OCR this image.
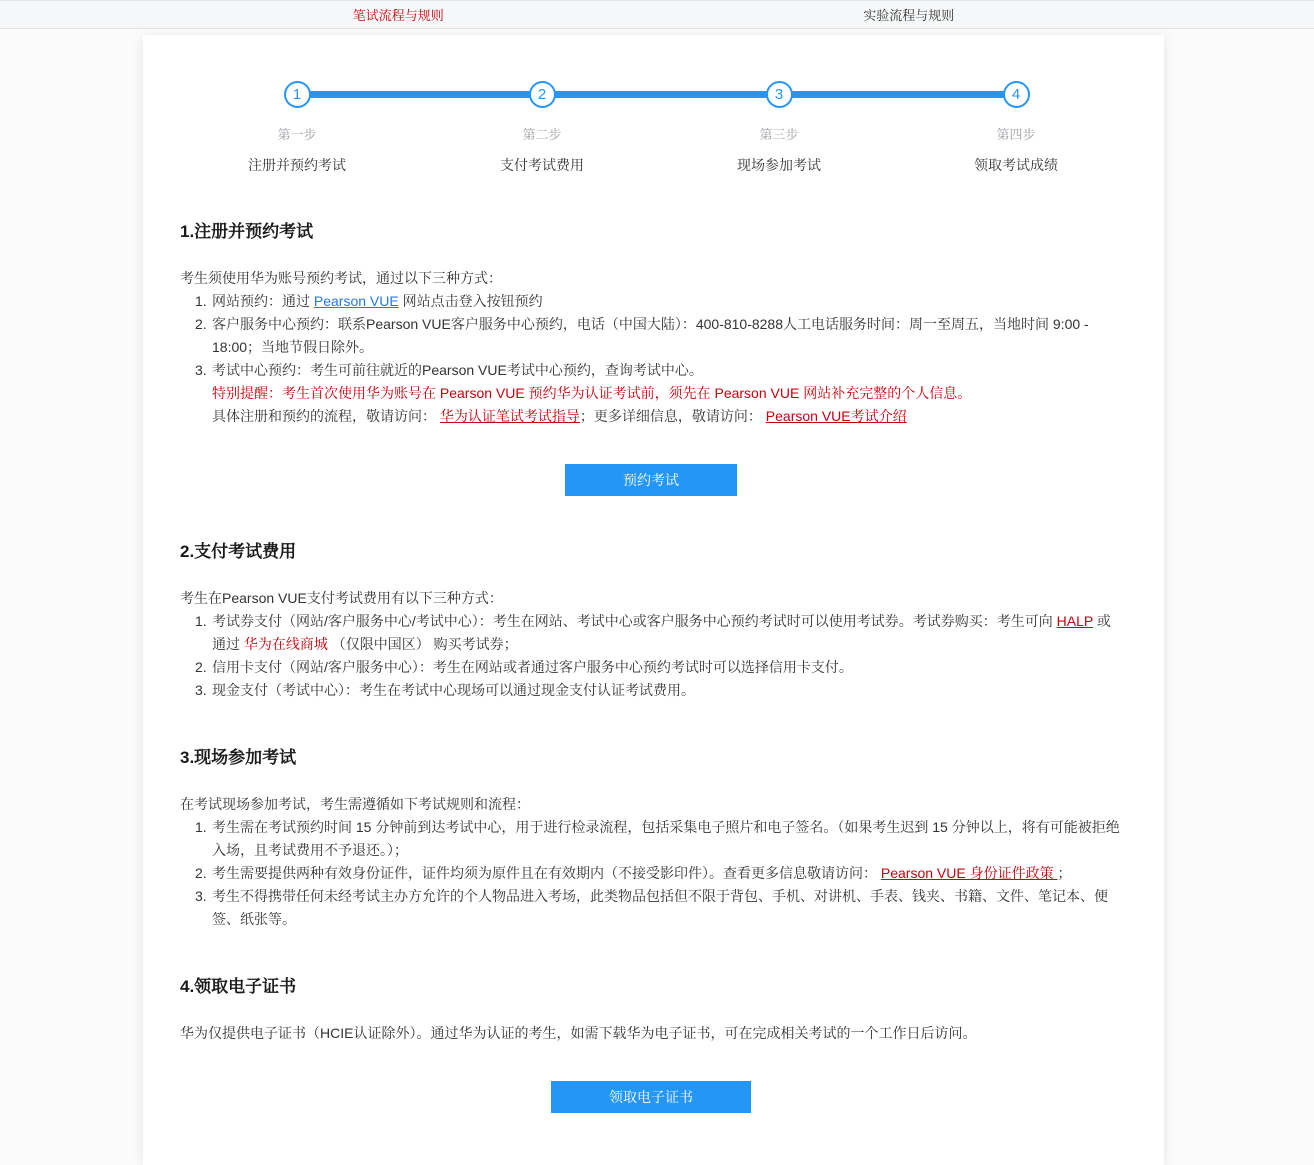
笔试流程与规则	实验流程与规则
1
第一步
注册并预约考试
2
第二步
支付考试费用
3
第三步
现场参加考试
4
第四步
领取考试成绩
1.注册并预约考试

考生须使用华为账号预约考试，通过以下三种方式：

网站预约：通过 Pearson VUE 网站点击登入按钮预约
客户服务中心预约：联系Pearson VUE客户服务中心预约，电话（中国大陆）：400-810-8288人工电话服务时间：周一至周五，当地时间 9:00 - 18:00；当地节假日除外。
考试中心预约：考生可前往就近的Pearson VUE考试中心预约，查询考试中心。
特别提醒：考生首次使用华为账号在 Pearson VUE 预约华为认证考试前，须先在 Pearson VUE 网站补充完整的个人信息。
具体注册和预约的流程，敬请访问： 华为认证笔试考试指导；更多详细信息，敬请访问： Pearson VUE考试介绍
预约考试
2.支付考试费用

考生在Pearson VUE支付考试费用有以下三种方式：

考试券支付（网站/客户服务中心/考试中心）：考生在网站、考试中心或客户服务中心预约考试时可以使用考试券。考试券购买：考生可向 HALP 或通过 华为在线商城 （仅限中国区） 购买考试券；
信用卡支付（网站/客户服务中心）：考生在网站或者通过客户服务中心预约考试时可以选择信用卡支付。
现金支付（考试中心）：考生在考试中心现场可以通过现金支付认证考试费用。
3.现场参加考试

在考试现场参加考试，考生需遵循如下考试规则和流程：

考生需在考试预约时间 15 分钟前到达考试中心，用于进行检录流程，包括采集电子照片和电子签名。（如果考生迟到 15 分钟以上，将有可能被拒绝入场，且考试费用不予退还。）；
考生需要提供两种有效身份证件，证件均须为原件且在有效期内（不接受影印件）。查看更多信息敬请访问： Pearson VUE 身份证件政策 ；
考生不得携带任何未经考试主办方允许的个人物品进入考场，此类物品包括但不限于背包、手机、对讲机、手表、钱夹、书籍、文件、笔记本、便签、纸张等。
4.领取电子证书

华为仅提供电子证书（HCIE认证除外）。通过华为认证的考生，如需下载华为电子证书，可在完成相关考试的一个工作日后访问。

领取电子证书
